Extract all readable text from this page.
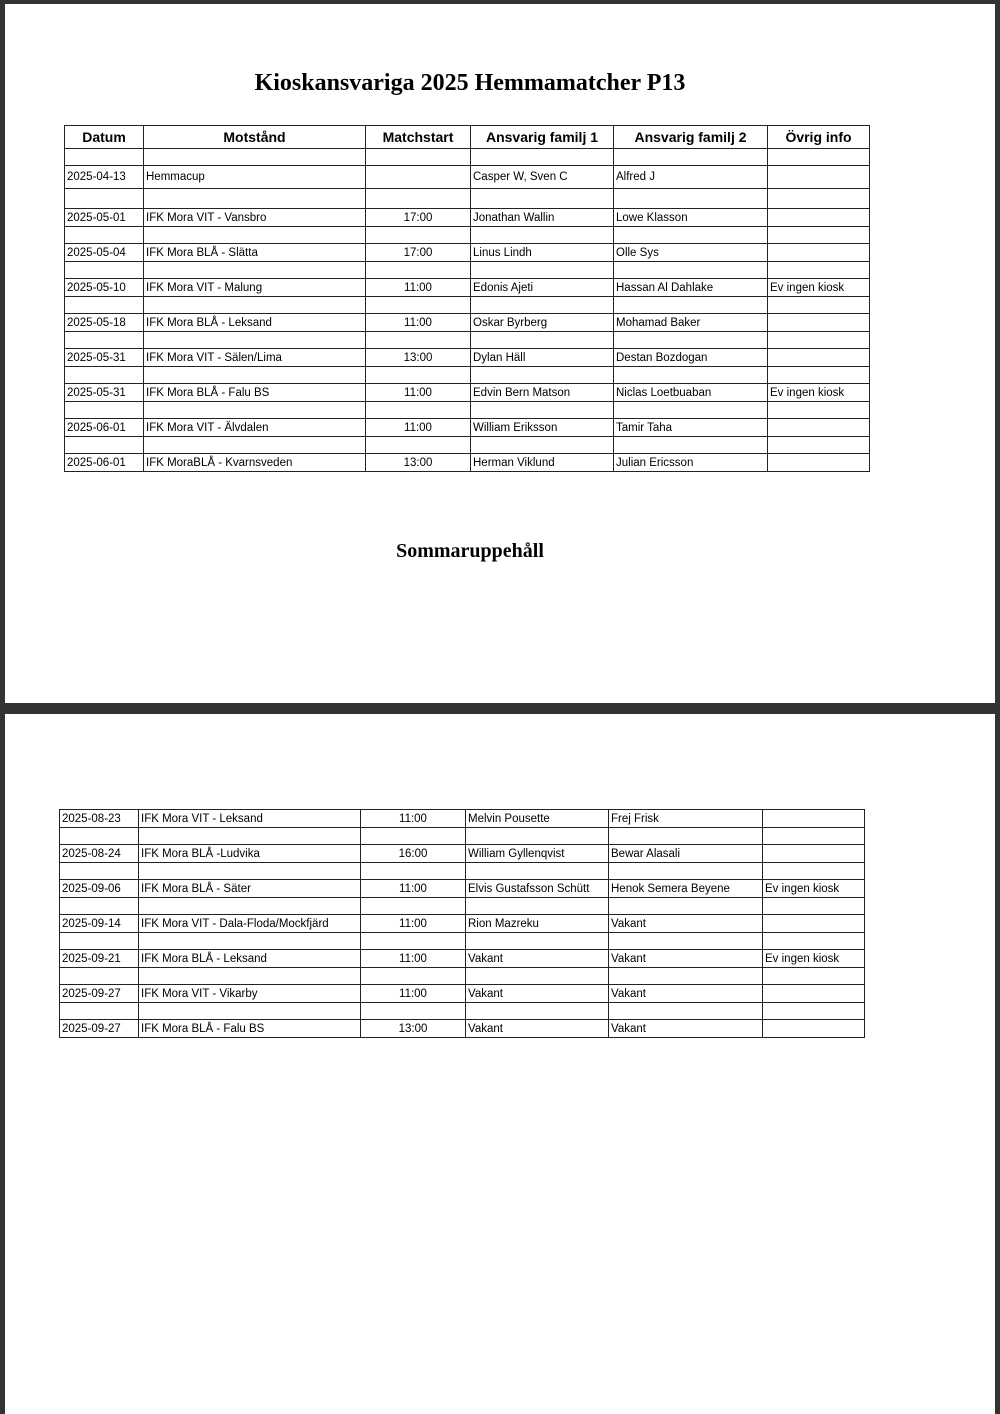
Kioskansvariga 2025 Hemmamatcher P13
Datum	Motstånd	Matchstart	Ansvarig familj 1	Ansvarig familj 2	Övrig info

2025-04-13	Hemmacup		Casper W, Sven C	Alfred J	

2025-05-01	IFK Mora VIT - Vansbro	17:00	Jonathan Wallin	Lowe Klasson	

2025-05-04	IFK Mora BLÅ - Slätta	17:00	Linus Lindh	Olle Sys	

2025-05-10	IFK Mora VIT - Malung	11:00	Edonis Ajeti	Hassan Al Dahlake	Ev ingen kiosk

2025-05-18	IFK Mora BLÅ - Leksand	11:00	Oskar Byrberg	Mohamad Baker	

2025-05-31	IFK Mora VIT - Sälen/Lima	13:00	Dylan Häll	Destan Bozdogan	

2025-05-31	IFK Mora BLÅ - Falu BS	11:00	Edvin Bern Matson	Niclas Loetbuaban	Ev ingen kiosk

2025-06-01	IFK Mora VIT - Älvdalen	11:00	William Eriksson	Tamir Taha	

2025-06-01	IFK MoraBLÅ - Kvarnsveden	13:00	Herman Viklund	Julian Ericsson	
Sommaruppehåll
2025-08-23	IFK Mora VIT - Leksand	11:00	Melvin Pousette	Frej Frisk	

2025-08-24	IFK Mora BLÅ -Ludvika	16:00	William Gyllenqvist	Bewar Alasali	

2025-09-06	IFK Mora BLÅ - Säter	11:00	Elvis Gustafsson Schütt	Henok Semera Beyene	Ev ingen kiosk

2025-09-14	IFK Mora VIT - Dala-Floda/Mockfjärd	11:00	Rion Mazreku	Vakant	

2025-09-21	IFK Mora BLÅ - Leksand	11:00	Vakant	Vakant	Ev ingen kiosk

2025-09-27	IFK Mora VIT - Vikarby	11:00	Vakant	Vakant	

2025-09-27	IFK Mora BLÅ - Falu BS	13:00	Vakant	Vakant	
